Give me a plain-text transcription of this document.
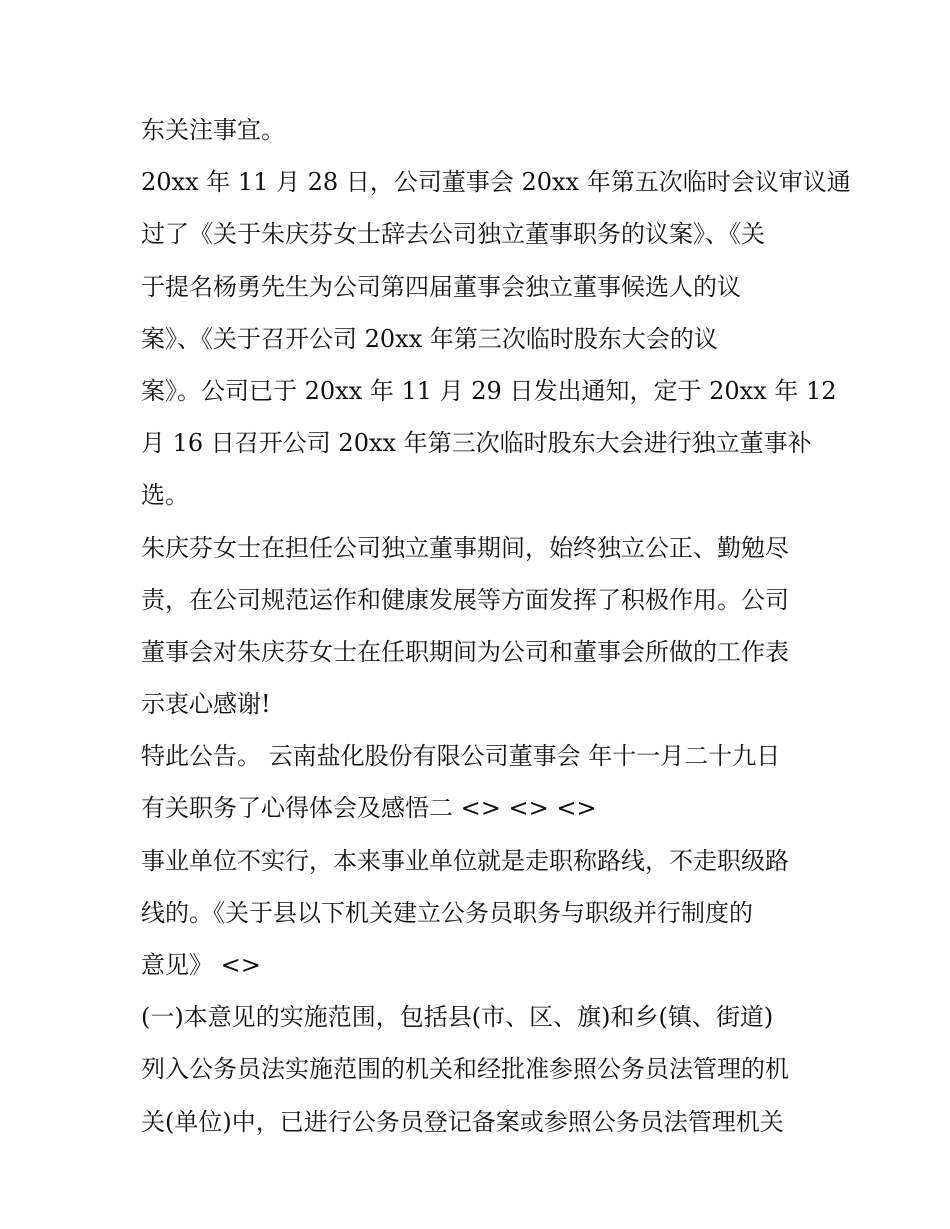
东关注事宜。
20xx 年 11 月 28 日，公司董事会 20xx 年第五次临时会议审议通
过了《关于朱庆芬女士辞去公司独立董事职务的议案》、《关
于提名杨勇先生为公司第四届董事会独立董事候选人的议
案》、《关于召开公司 20xx 年第三次临时股东大会的议
案》。公司已于 20xx 年 11 月 29 日发出通知，定于 20xx 年 12
月 16 日召开公司 20xx 年第三次临时股东大会进行独立董事补
选。
朱庆芬女士在担任公司独立董事期间，始终独立公正、勤勉尽
责，在公司规范运作和健康发展等方面发挥了积极作用。公司
董事会对朱庆芬女士在任职期间为公司和董事会所做的工作表
示衷心感谢!
特此公告。 云南盐化股份有限公司董事会 年十一月二十九日
有关职务了心得体会及感悟二 <> <> <>
事业单位不实行，本来事业单位就是走职称路线，不走职级路
线的。《关于县以下机关建立公务员职务与职级并行制度的
意见》 <>
(一)本意见的实施范围，包括县(市、区、旗)和乡(镇、街道)
列入公务员法实施范围的机关和经批准参照公务员法管理的机
关(单位)中，已进行公务员登记备案或参照公务员法管理机关
